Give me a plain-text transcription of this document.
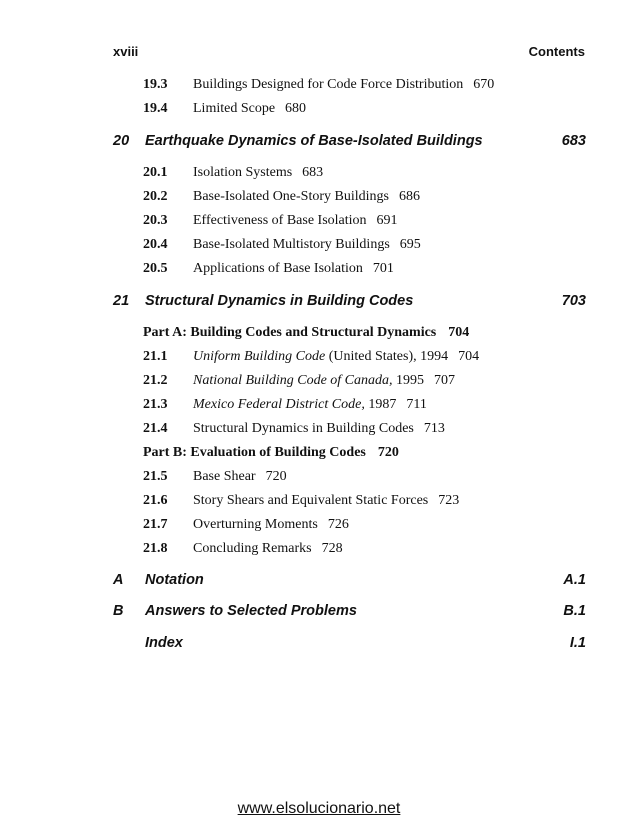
xviii	Contents
19.3 Buildings Designed for Code Force Distribution 670
19.4 Limited Scope 680
20 Earthquake Dynamics of Base-Isolated Buildings	683
20.1 Isolation Systems 683
20.2 Base-Isolated One-Story Buildings 686
20.3 Effectiveness of Base Isolation 691
20.4 Base-Isolated Multistory Buildings 695
20.5 Applications of Base Isolation 701
21 Structural Dynamics in Building Codes	703
Part A: Building Codes and Structural Dynamics 704
21.1 Uniform Building Code (United States), 1994 704
21.2 National Building Code of Canada, 1995 707
21.3 Mexico Federal District Code, 1987 711
21.4 Structural Dynamics in Building Codes 713
Part B: Evaluation of Building Codes 720
21.5 Base Shear 720
21.6 Story Shears and Equivalent Static Forces 723
21.7 Overturning Moments 726
21.8 Concluding Remarks 728
A Notation	A.1
B Answers to Selected Problems	B.1
Index	I.1
www.elsolucionario.net
